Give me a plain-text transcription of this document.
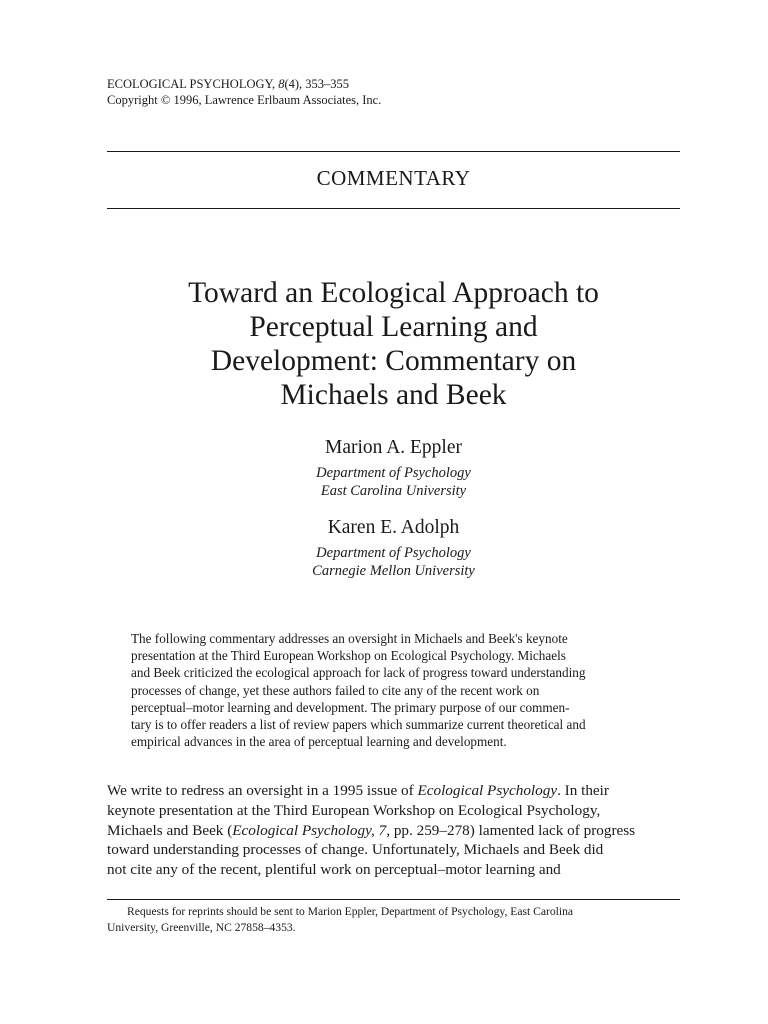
ECOLOGICAL PSYCHOLOGY, 8(4), 353–355
Copyright © 1996, Lawrence Erlbaum Associates, Inc.
COMMENTARY
Toward an Ecological Approach to
Perceptual Learning and
Development: Commentary on
Michaels and Beek
Marion A. Eppler
Department of Psychology
East Carolina University
Karen E. Adolph
Department of Psychology
Carnegie Mellon University
The following commentary addresses an oversight in Michaels and Beek's keynote
presentation at the Third European Workshop on Ecological Psychology. Michaels
and Beek criticized the ecological approach for lack of progress toward understanding
processes of change, yet these authors failed to cite any of the recent work on
perceptual–motor learning and development. The primary purpose of our commen-
tary is to offer readers a list of review papers which summarize current theoretical and
empirical advances in the area of perceptual learning and development.
We write to redress an oversight in a 1995 issue of Ecological Psychology. In their
keynote presentation at the Third European Workshop on Ecological Psychology,
Michaels and Beek (Ecological Psychology, 7, pp. 259–278) lamented lack of progress
toward understanding processes of change. Unfortunately, Michaels and Beek did
not cite any of the recent, plentiful work on perceptual–motor learning and
Requests for reprints should be sent to Marion Eppler, Department of Psychology, East Carolina
University, Greenville, NC 27858–4353.
